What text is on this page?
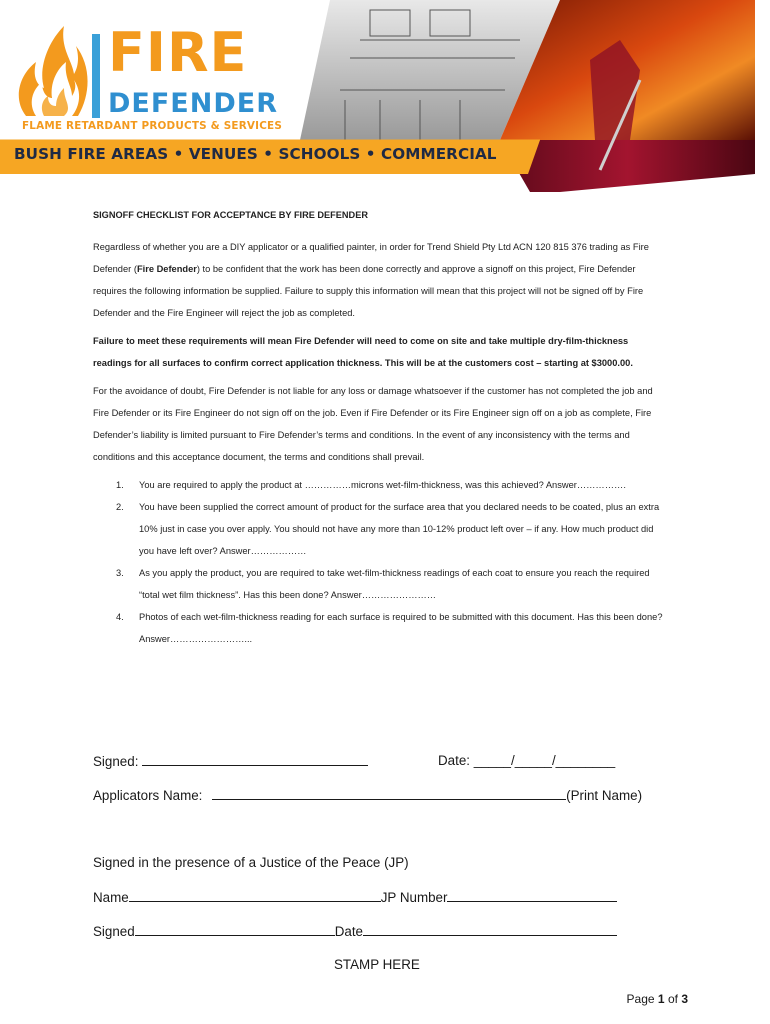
FIRE
DEFENDER
FLAME RETARDANT PRODUCTS & SERVICES
BUSH FIRE AREAS • VENUES • SCHOOLS • COMMERCIAL

SIGNOFF CHECKLIST FOR ACCEPTANCE BY FIRE DEFENDER

Regardless of whether you are a DIY applicator or a qualified painter, in order for Trend Shield Pty Ltd ACN 120 815 376 trading as Fire Defender (Fire Defender) to be confident that the work has been done correctly and approve a signoff on this project, Fire Defender requires the following information be supplied. Failure to supply this information will mean that this project will not be signed off by Fire Defender and the Fire Engineer will reject the job as completed.

Failure to meet these requirements will mean Fire Defender will need to come on site and take multiple dry-film-thickness readings for all surfaces to confirm correct application thickness. This will be at the customers cost – starting at $3000.00.

For the avoidance of doubt, Fire Defender is not liable for any loss or damage whatsoever if the customer has not completed the job and Fire Defender or its Fire Engineer do not sign off on the job. Even if Fire Defender or its Fire Engineer sign off on a job as complete, Fire Defender’s liability is limited pursuant to Fire Defender’s terms and conditions. In the event of any inconsistency with the terms and conditions and this acceptance document, the terms and conditions shall prevail.

1.	You are required to apply the product at ……………microns wet-film-thickness, was this achieved? Answer…………….
2.	You have been supplied the correct amount of product for the surface area that you declared needs to be coated, plus an extra 10% just in case you over apply. You should not have any more than 10-12% product left over – if any. How much product did you have left over? Answer………………
3.	As you apply the product, you are required to take wet-film-thickness readings of each coat to ensure you reach the required “total wet film thickness”. Has this been done? Answer……………………
4.	Photos of each wet-film-thickness reading for each surface is required to be submitted with this document. Has this been done? Answer……………………...
Signed:	Date: _____/_____/________
Applicators Name:	(Print Name)
Signed in the presence of a Justice of the Peace (JP)
Name	JP Number
Signed	Date
STAMP HERE
Page 1 of 3
